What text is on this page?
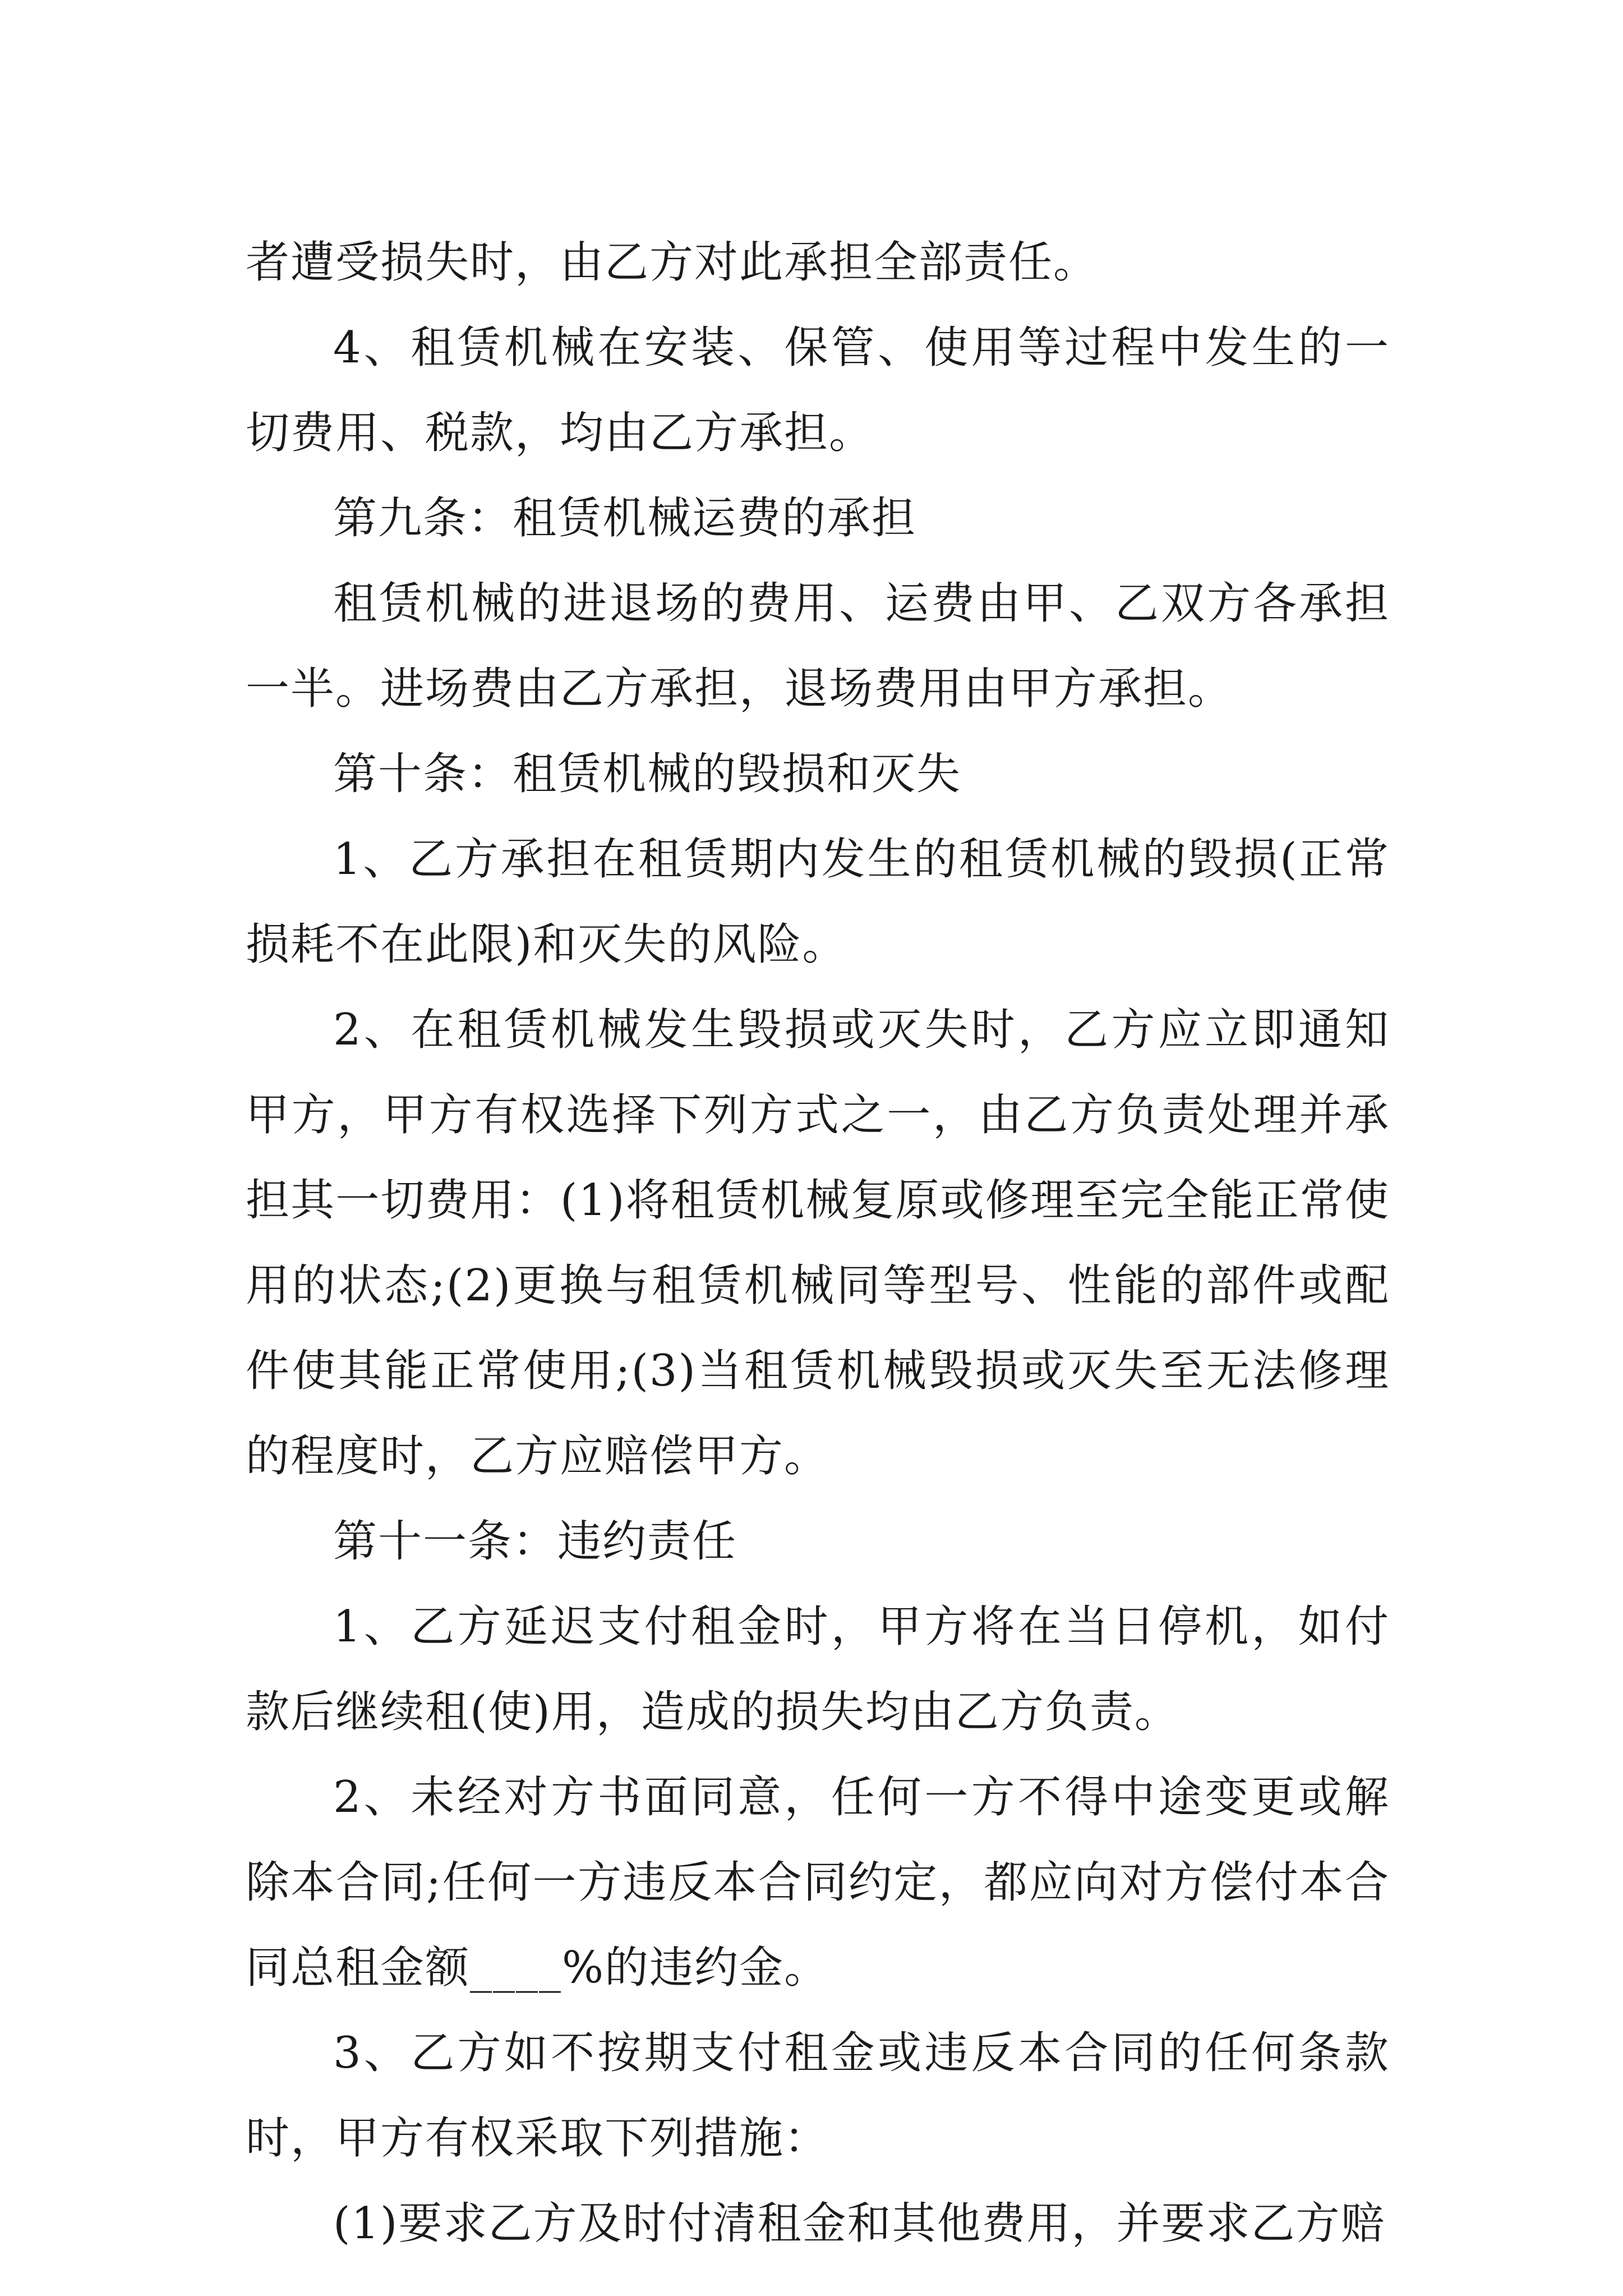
者遭受损失时，由乙方对此承担全部责任。

4、租赁机械在安装、保管、使用等过程中发生的一切费用、税款，均由乙方承担。

第九条：租赁机械运费的承担

租赁机械的进退场的费用、运费由甲、乙双方各承担一半。进场费由乙方承担，退场费用由甲方承担。

第十条：租赁机械的毁损和灭失

1、乙方承担在租赁期内发生的租赁机械的毁损(正常损耗不在此限)和灭失的风险。

2、在租赁机械发生毁损或灭失时，乙方应立即通知甲方，甲方有权选择下列方式之一，由乙方负责处理并承担其一切费用：(1)将租赁机械复原或修理至完全能正常使用的状态;(2)更换与租赁机械同等型号、性能的部件或配件使其能正常使用;(3)当租赁机械毁损或灭失至无法修理的程度时，乙方应赔偿甲方。

第十一条：违约责任

1、乙方延迟支付租金时，甲方将在当日停机，如付款后继续租(使)用，造成的损失均由乙方负责。

2、未经对方书面同意，任何一方不得中途变更或解除本合同;任何一方违反本合同约定，都应向对方偿付本合同总租金额____%的违约金。

3、乙方如不按期支付租金或违反本合同的任何条款时，甲方有权采取下列措施：

(1)要求乙方及时付清租金和其他费用，并要求乙方赔
